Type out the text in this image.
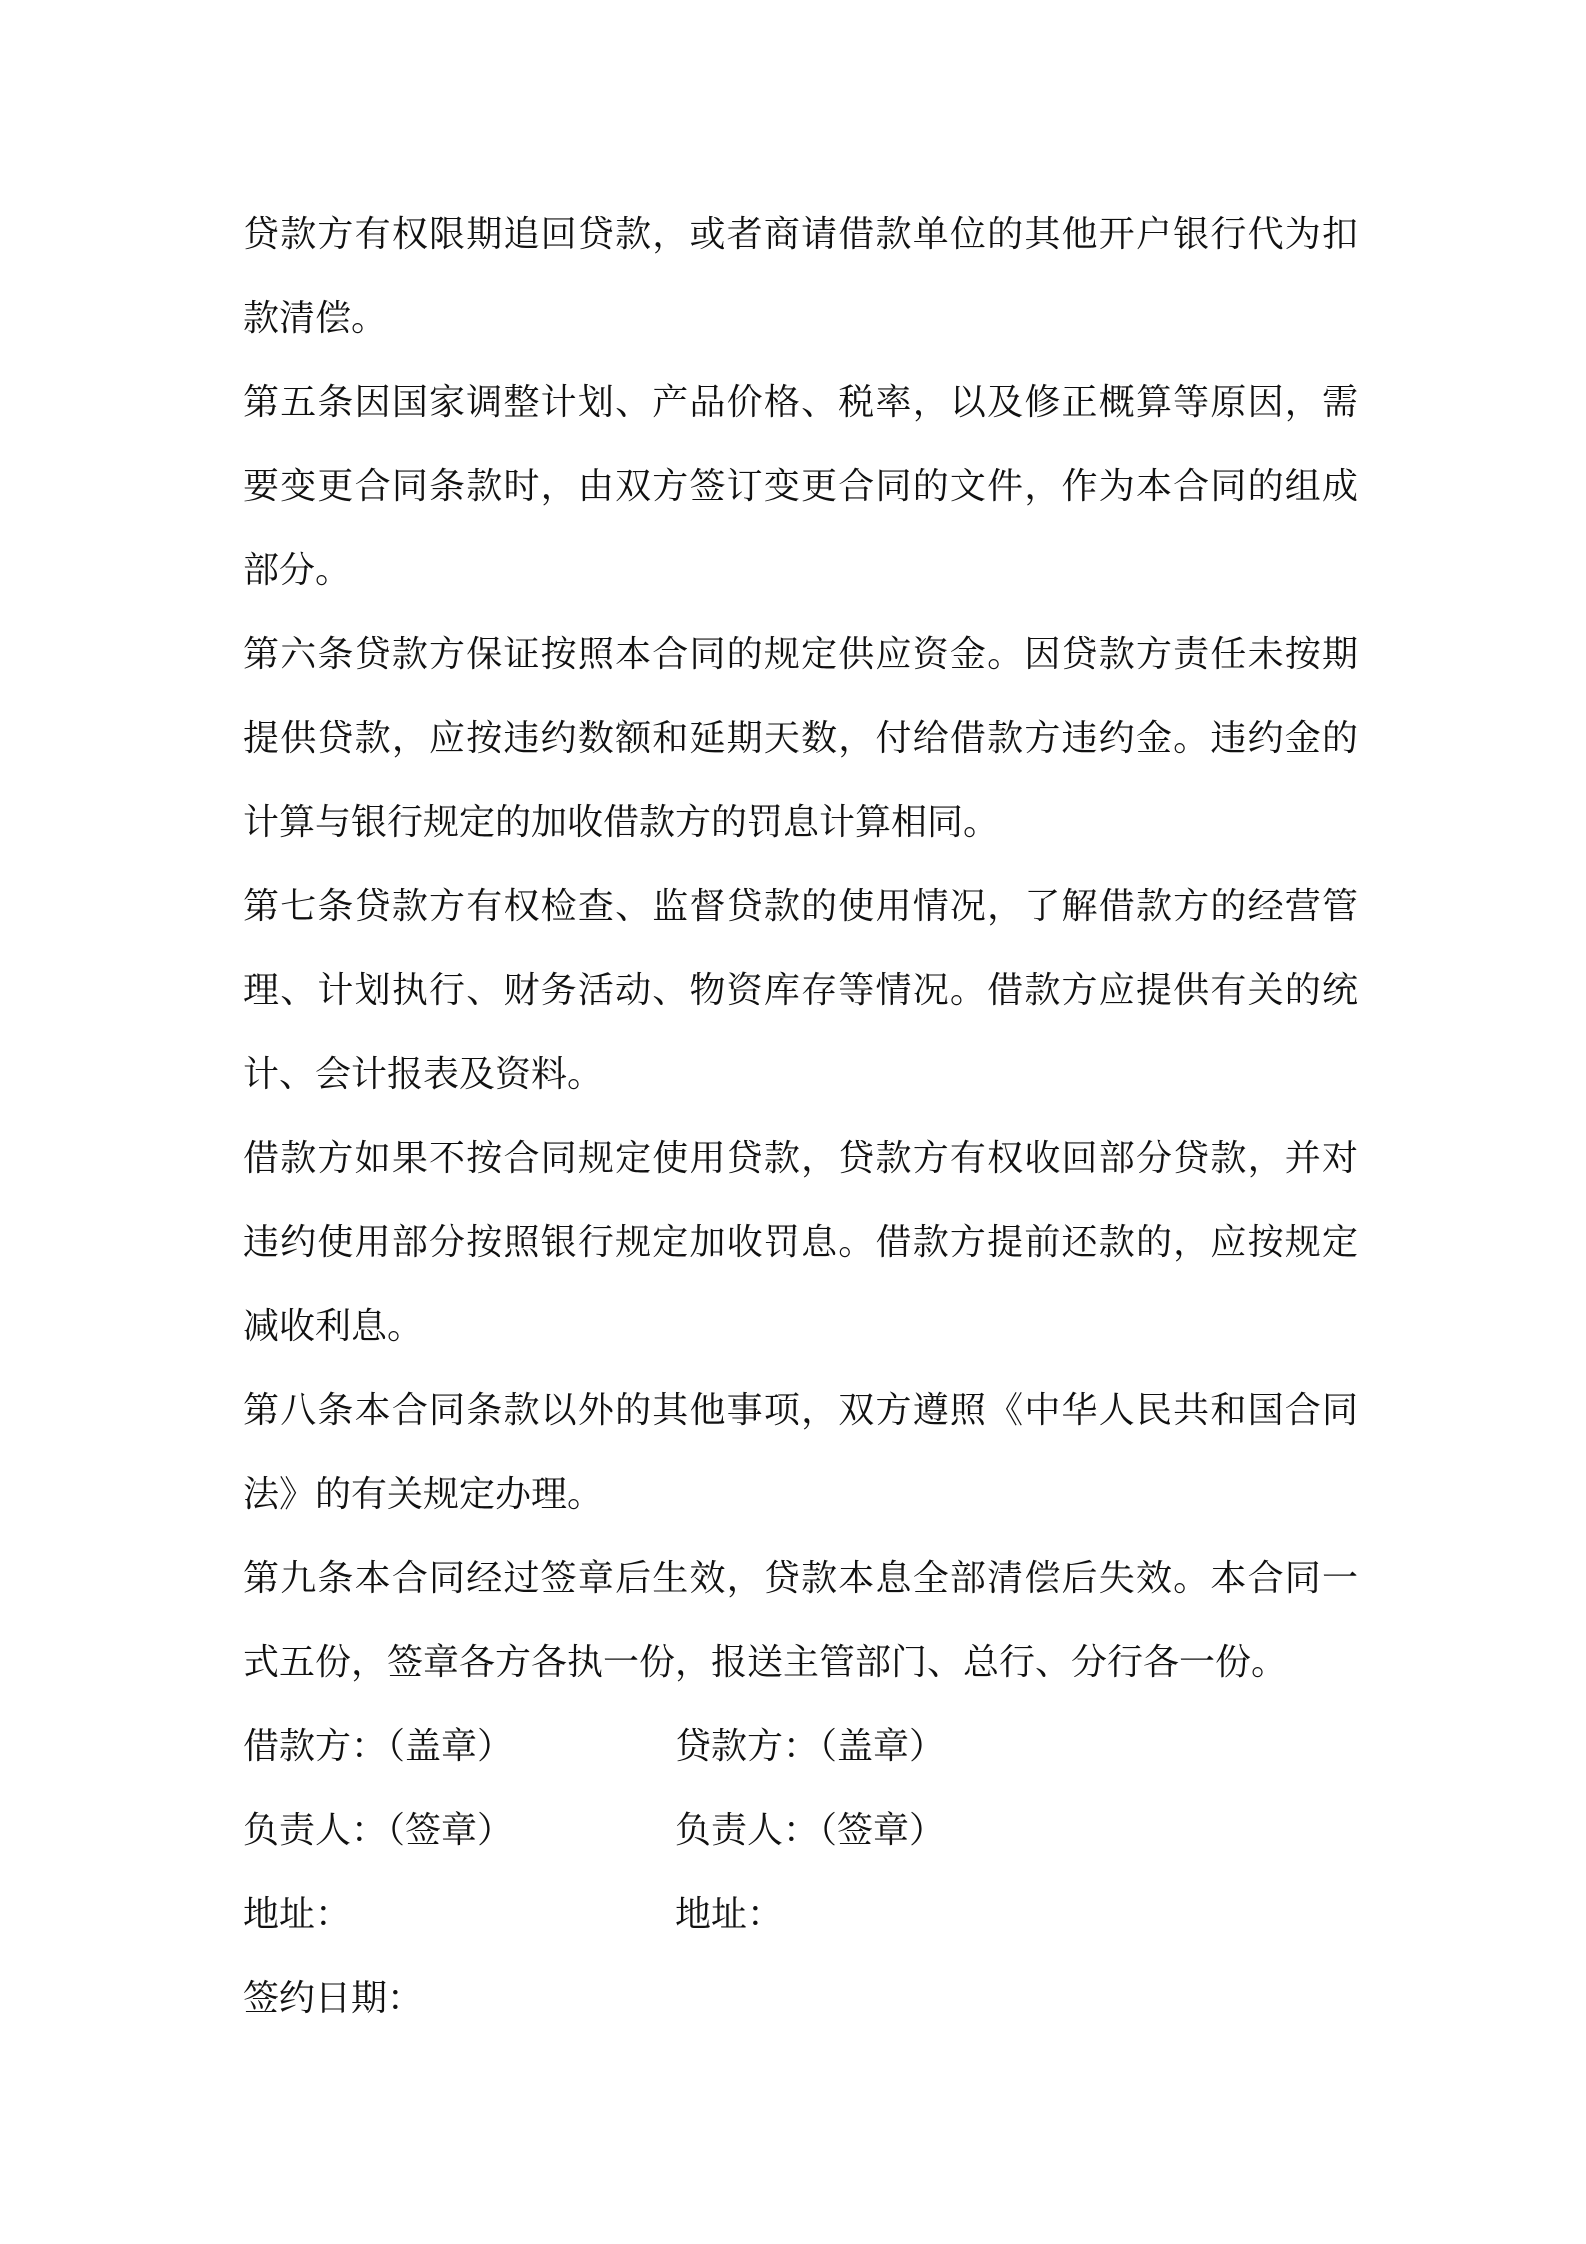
贷款方有权限期追回贷款，或者商请借款单位的其他开户银行代为扣款清偿。

第五条因国家调整计划、产品价格、税率，以及修正概算等原因，需要变更合同条款时，由双方签订变更合同的文件，作为本合同的组成部分。

第六条贷款方保证按照本合同的规定供应资金。因贷款方责任未按期提供贷款，应按违约数额和延期天数，付给借款方违约金。违约金的计算与银行规定的加收借款方的罚息计算相同。

第七条贷款方有权检查、监督贷款的使用情况，了解借款方的经营管理、计划执行、财务活动、物资库存等情况。借款方应提供有关的统计、会计报表及资料。

借款方如果不按合同规定使用贷款，贷款方有权收回部分贷款，并对违约使用部分按照银行规定加收罚息。借款方提前还款的，应按规定减收利息。

第八条本合同条款以外的其他事项，双方遵照《中华人民共和国合同法》的有关规定办理。

第九条本合同经过签章后生效，贷款本息全部清偿后失效。本合同一式五份，签章各方各执一份，报送主管部门、总行、分行各一份。

借款方：（盖章）	贷款方：（盖章）
负责人：（签章）	负责人：（签章）
地址：	地址：
签约日期：
